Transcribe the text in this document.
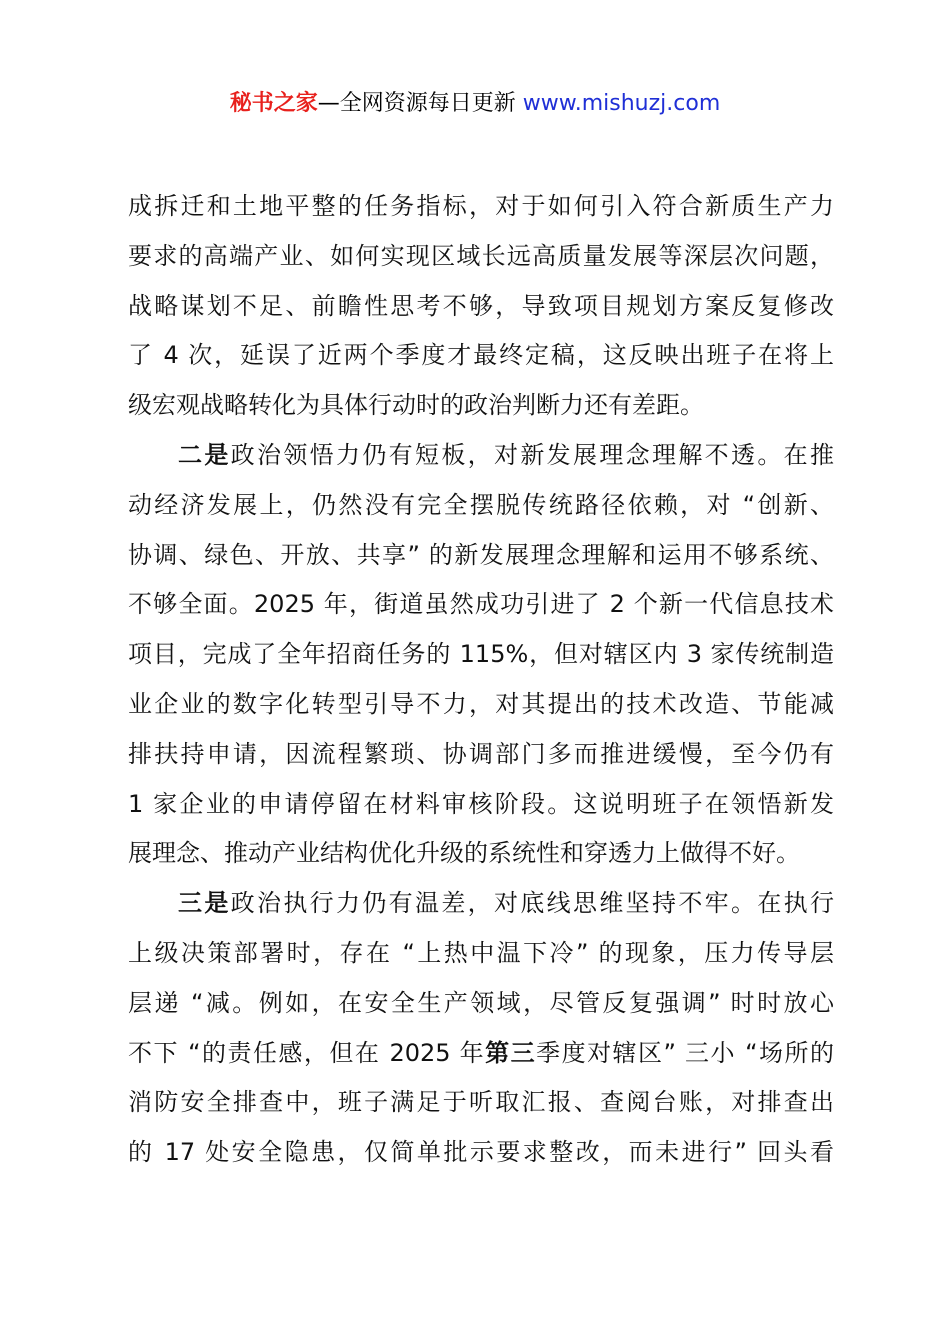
秘书之家—全网资源每日更新 www.mishuzj.com
成拆迁和土地平整的任务指标，对于如何引入符合新质生产力
要求的高端产业、如何实现区域长远高质量发展等深层次问题，
战略谋划不足、前瞻性思考不够，导致项目规划方案反复修改
了 4 次，延误了近两个季度才最终定稿，这反映出班子在将上
级宏观战略转化为具体行动时的政治判断力还有差距。
二是政治领悟力仍有短板，对新发展理念理解不透。在推
动经济发展上，仍然没有完全摆脱传统路径依赖，对 “创新、
协调、绿色、开放、共享” 的新发展理念理解和运用不够系统、
不够全面。2025 年，街道虽然成功引进了 2 个新一代信息技术
项目，完成了全年招商任务的 115%，但对辖区内 3 家传统制造
业企业的数字化转型引导不力，对其提出的技术改造、节能减
排扶持申请，因流程繁琐、协调部门多而推进缓慢，至今仍有
1 家企业的申请停留在材料审核阶段。这说明班子在领悟新发
展理念、推动产业结构优化升级的系统性和穿透力上做得不好。
三是政治执行力仍有温差，对底线思维坚持不牢。在执行
上级决策部署时，存在 “上热中温下冷” 的现象，压力传导层
层递 “减。例如，在安全生产领域，尽管反复强调” 时时放心
不下 “的责任感，但在 2025 年第三季度对辖区” 三小 “场所的
消防安全排查中，班子满足于听取汇报、查阅台账，对排查出
的 17 处安全隐患，仅简单批示要求整改，而未进行” 回头看
